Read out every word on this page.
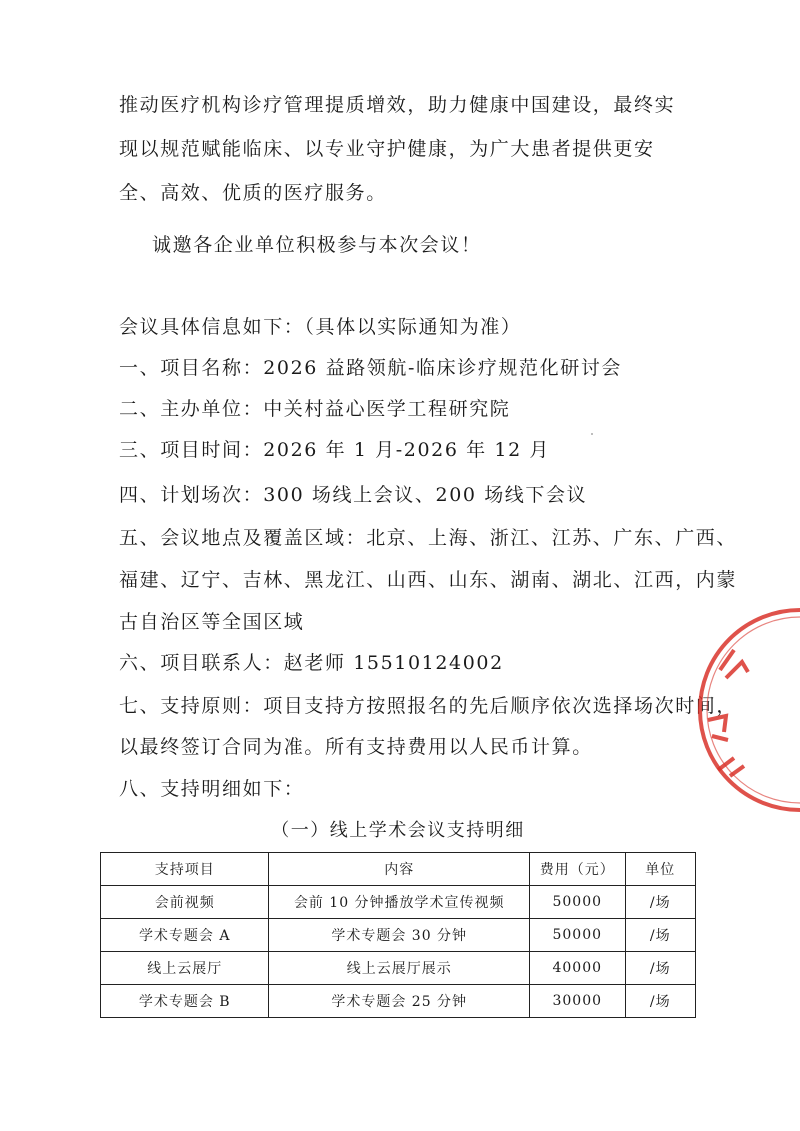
推动医疗机构诊疗管理提质增效，助力健康中国建设，最终实现以规范赋能临床、以专业守护健康，为广大患者提供更安全、高效、优质的医疗服务。

诚邀各企业单位积极参与本次会议！
会议具体信息如下：（具体以实际通知为准）
一、项目名称：2026 益路领航-临床诊疗规范化研讨会
二、主办单位：中关村益心医学工程研究院
三、项目时间：2026 年 1 月-2026 年 12 月
四、计划场次：300 场线上会议、200 场线下会议
五、会议地点及覆盖区域：北京、上海、浙江、江苏、广东、广西、
福建、辽宁、吉林、黑龙江、山西、山东、湖南、湖北、江西，内蒙
古自治区等全国区域
六、项目联系人：赵老师 15510124002
七、支持原则：项目支持方按照报名的先后顺序依次选择场次时间，
以最终签订合同为准。所有支持费用以人民币计算。
八、支持明细如下：
（一）线上学术会议支持明细
支持项目	内容	费用（元）	单位
会前视频	会前 10 分钟播放学术宣传视频	50000	/场
学术专题会 A	学术专题会 30 分钟	50000	/场
线上云展厅	线上云展厅展示	40000	/场
学术专题会 B	学术专题会 25 分钟	30000	/场
